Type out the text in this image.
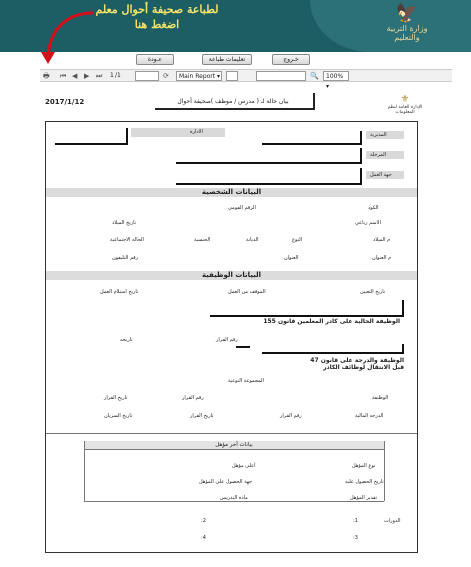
🦅
وزارة التربية
والتعليم
لطباعة صحيفة أحوال معلم
اضغط هنا
خـروج
تعليمات طباعة
عـودة
🖶 ⏮ ◀ ▶ ⏭ 1 /1	⟳	Main Report ▾	🔍	100% ▾
2017/1/12	بيان حالة لـ ( مدرس / موظف )صحيفة أحوال	⚜
الإدارة العامة لنظم المعلومات
المديرية
الادارة
المرحلة
جهة العمل
البيانات الشخصية
الكود
الرقم القومي
الاسم رباعي
تاريخ الميلاد
م الميلاد
النوع
الديانة
الجنسية
الحالة الاجتماعية
م العنوان
العنوان
رقم التليفون
البيانات الوظيفية
تاريخ التعيين
الموقف من العمل
تاريخ استلام العمل
الوظيفة الحالية على كادر المعلمين قانون 155
رقم القرار
تاريخه
الوظيفة والدرجة على قانون 47
قبل الانتقال لوظائف الكادر
المجموعة النوعية
الوظيفة
رقم القرار
تاريخ القرار
الدرجة المالية
رقم القرار
تاريخ القرار
تاريخ السريان
بيانات آخر مؤهل
نوع المؤهل
أعلى مؤهل
تاريخ الحصول عليه
جهة الحصول على المؤهل
تقدير المؤهل
مادة التدريس
الدورات
1:
2:
3:
4:
